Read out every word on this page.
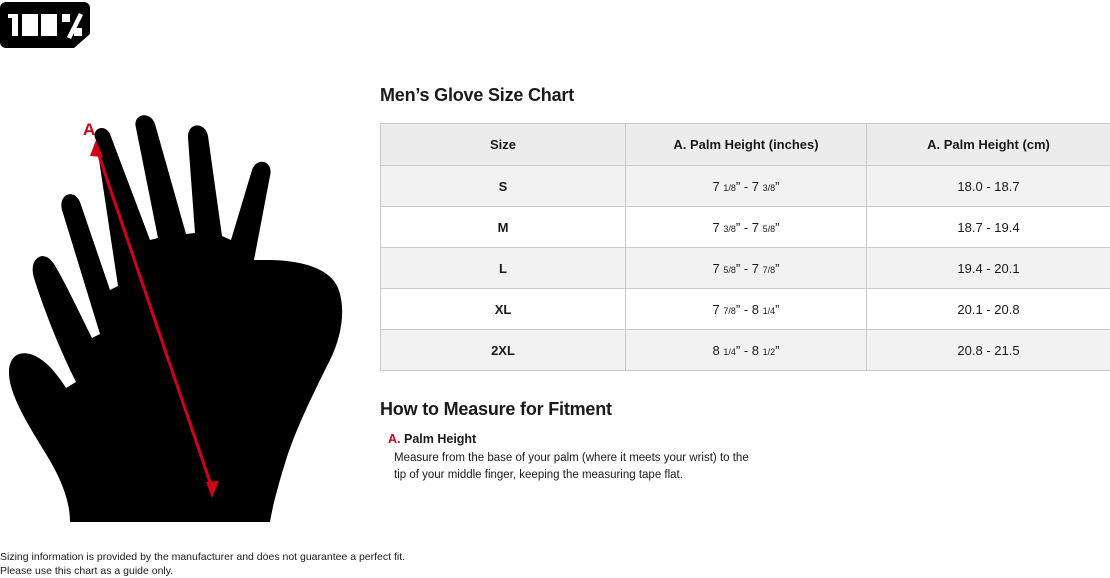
A
Men’s Glove Size Chart
Size	A. Palm Height (inches)	A. Palm Height (cm)
S	7 1/8” - 7 3/8”	18.0 - 18.7
M	7 3/8” - 7 5/8”	18.7 - 19.4
L	7 5/8” - 7 7/8”	19.4 - 20.1
XL	7 7/8” - 8 1/4”	20.1 - 20.8
2XL	8 1/4” - 8 1/2”	20.8 - 21.5
How to Measure for Fitment
A. Palm Height
Measure from the base of your palm (where it meets your wrist) to the
tip of your middle finger, keeping the measuring tape flat.
Sizing information is provided by the manufacturer and does not guarantee a perfect fit.
Please use this chart as a guide only.
